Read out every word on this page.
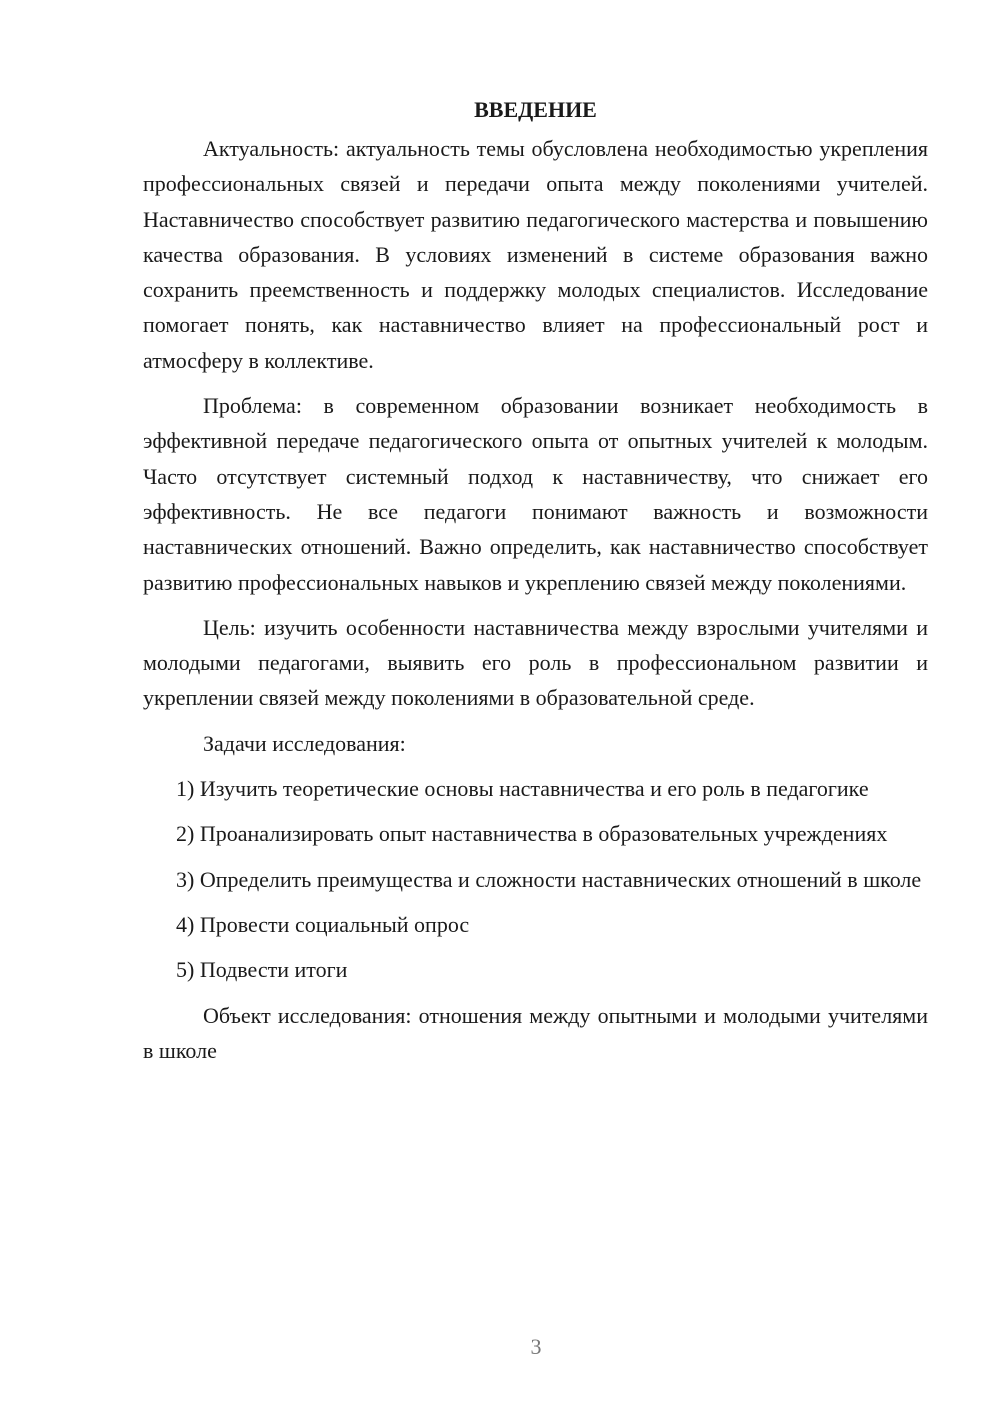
ВВЕДЕНИЕ

Актуальность: актуальность темы обусловлена необходимостью укрепления профессиональных связей и передачи опыта между поколениями учителей. Наставничество способствует развитию педагогического мастерства и повышению качества образования. В условиях изменений в системе образования важно сохранить преемственность и поддержку молодых специалистов. Исследование помогает понять, как наставничество влияет на профессиональный рост и атмосферу в коллективе.

Проблема: в современном образовании возникает необходимость в эффективной передаче педагогического опыта от опытных учителей к молодым. Часто отсутствует системный подход к наставничеству, что снижает его эффективность. Не все педагоги понимают важность и возможности наставнических отношений. Важно определить, как наставничество способствует развитию профессиональных навыков и укреплению связей между поколениями.

Цель: изучить особенности наставничества между взрослыми учителями и молодыми педагогами, выявить его роль в профессиональном развитии и укреплении связей между поколениями в образовательной среде.

Задачи исследования:

1) Изучить теоретические основы наставничества и его роль в педагогике

2) Проанализировать опыт наставничества в образовательных учреждениях

3) Определить преимущества и сложности наставнических отношений в школе

4) Провести социальный опрос

5) Подвести итоги

Объект исследования: отношения между опытными и молодыми учителями в школе

3
